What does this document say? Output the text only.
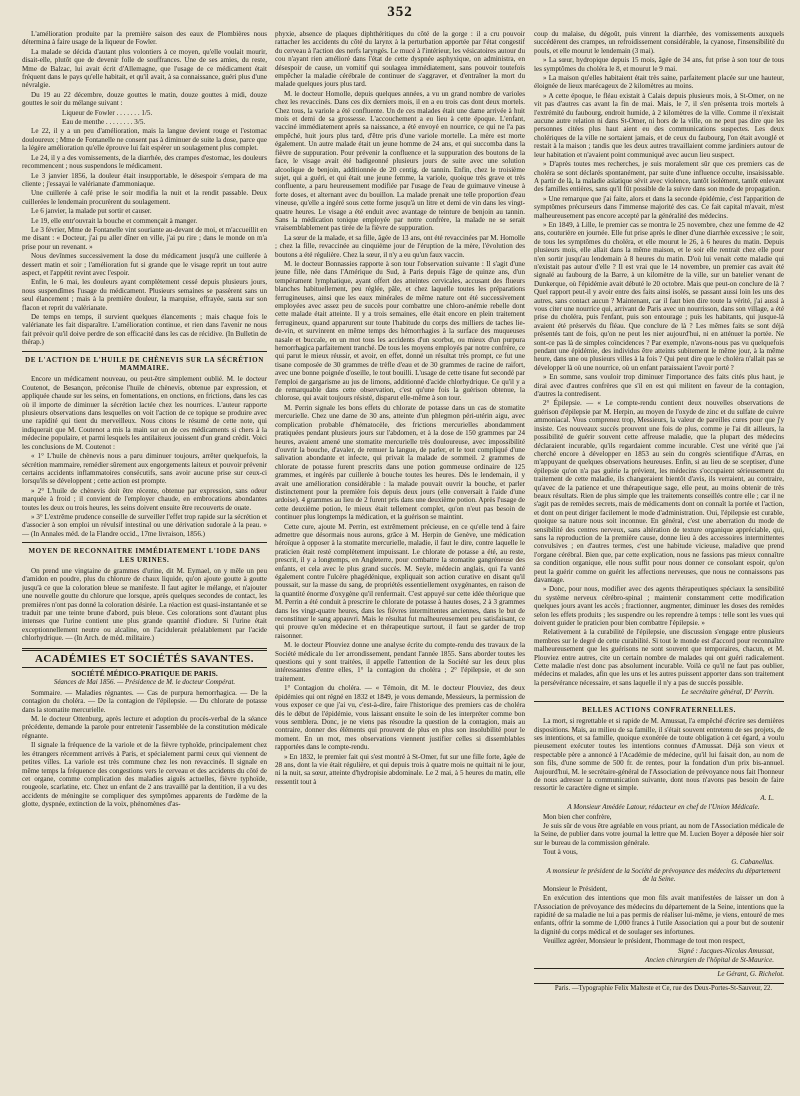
352

L'amélioration produite par la première saison des eaux de Plombières nous détermina à faire usage de la liqueur de Fowler.

La malade se décida d'autant plus volontiers à ce moyen, qu'elle voulait mourir, disait-elle, plutôt que de devenir folle de souffrances. Une de ses amies, du reste, Mme de Balzac, lui avait écrit d'Allemagne, que l'usage de ce médicament était fréquent dans le pays qu'elle habitait, et qu'il avait, à sa connaissance, guéri plus d'une névralgie.

Du 19 au 22 décembre, douze gouttes le matin, douze gouttes à midi, douze gouttes le soir du mélange suivant :

Liqueur de Fowler . . . . . . . 1/5.

Eau de menthe . . . . . . . . 3/5.

Le 22, il y a un peu d'amélioration, mais la langue devient rouge et l'estomac douloureux ; Mme de Fontanelle ne consent pas à diminuer de suite la dose, parce que la légère amélioration qu'elle éprouve lui fait espérer un soulagement plus complet.

Le 24, il y a des vomissements, de la diarrhée, des crampes d'estomac, les douleurs recommencent ; nous suspendons le médicament.

Le 3 janvier 1856, la douleur était insupportable, le désespoir s'empara de ma cliente ; j'essayai le valérianate d'ammoniaque.

Une cuillerée à café prise le soir modifia la nuit et la rendit passable. Deux cuillerées le lendemain procurèrent du soulagement.

Le 6 janvier, la malade put sortir et causer.

Le 19, elle entr'ouvrait la bouche et commençait à manger.

Le 3 février, Mme de Fontanelle vint souriante au-devant de moi, et m'accueillit en me disant : « Docteur, j'ai pu aller dîner en ville, j'ai pu rire ; dans le monde on m'a prise pour un revenant. »

Nous devînmes successivement la dose du médicament jusqu'à une cuillerée à dessert matin et soir ; l'amélioration fut si grande que le visage reprit un tout autre aspect, et l'appétit revint avec l'espoir.

Enfin, le 6 mai, les douleurs ayant complètement cessé depuis plusieurs jours, nous suspendîmes l'usage du médicament. Plusieurs semaines se passèrent sans un seul élancement ; mais à la première douleur, la marquise, effrayée, sauta sur son flacon et reprit du valérianate.

De temps en temps, il survient quelques élancements ; mais chaque fois le valérianate les fait disparaître. L'amélioration continue, et rien dans l'avenir ne nous fait prévoir qu'il doive perdre de son efficacité dans les cas de récidive. (In Bulletin de thérap.)

DE L'ACTION DE L'HUILE DE CHÈNEVIS SUR LA SÉCRÉTION MAMMAIRE.

Encore un médicament nouveau, ou peut-être simplement oublié. M. le docteur Coutenot, de Besançon, préconise l'huile de chènevis, obtenue par expression, et appliquée chaude sur les seins, en fomentations, en onctions, en frictions, dans les cas où il importe de diminuer la sécrétion lactée chez les nourrices. L'auteur rapporte plusieurs observations dans lesquelles on voit l'action de ce topique se produire avec une rapidité qui tient du merveilleux. Nous citons le résumé de cette note, qui indiquerait que M. Coutenot a mis la main sur un de ces médicaments si chers à la médecine populaire, et parmi lesquels les antilaiteux jouissent d'un grand crédit. Voici les conclusions de M. Coutenot :

« 1° L'huile de chènevis nous a paru diminuer toujours, arrêter quelquefois, la sécrétion mammaire, remédier sûrement aux engorgements laiteux et pouvoir prévenir certains accidents inflammatoires consécutifs, sans avoir aucune prise sur ceux-ci lorsqu'ils se développent ; cette action est prompte.

» 2° L'huile de chènevis doit être récente, obtenue par expression, sans odeur marquée à froid ; il convient de l'employer chaude, en embrocations abondantes toutes les deux ou trois heures, les seins doivent ensuite être recouverts de ouate.

» 3° L'extrême prudence conseille de surveiller l'effet trop rapide sur la sécrétion et d'associer à son emploi un révulsif intestinal ou une dérivation sudorale à la peau. » — (In Annales méd. de la Flandre occid., 17me livraison, 1856.)

MOYEN DE RECONNAITRE IMMÉDIATEMENT L'IODE DANS LES URINES.

On prend une vingtaine de grammes d'urine, dit M. Eymael, on y mêle un peu d'amidon en poudre, plus du chlorure de chaux liquide, qu'on ajoute goutte à goutte jusqu'à ce que la coloration bleue se manifeste. Il faut agiter le mélange, et n'ajouter une nouvelle goutte du chlorure que lorsque, après quelques secondes de contact, les premières n'ont pas donné la coloration désirée. La réaction est quasi-instantanée et se traduit par une teinte brune d'abord, puis bleue. Ces colorations sont d'autant plus intenses que l'urine contient une plus grande quantité d'iodure. Si l'urine était exceptionnellement neutre ou alcaline, on l'acidulerait préalablement par l'acide chlorhydrique. — (In Arch. de méd. militaire.)

ACADÉMIES ET SOCIÉTÉS SAVANTES.
SOCIÉTÉ MÉDICO-PRATIQUE DE PARIS.
Séances de Mai 1856. — Présidence de M. le docteur Compérat.

Sommaire. — Maladies régnantes. — Cas de purpura hemorrhagica. — De la contagion du choléra. — De la contagion de l'épilepsie. — Du chlorate de potasse dans la stomatite mercurielle.

M. le docteur Ottenburg, après lecture et adoption du procès-verbal de la séance précédente, demande la parole pour entretenir l'assemblée de la constitution médicale régnante.

Il signale la fréquence de la variole et de la fièvre typhoïde, principalement chez les étrangers récemment arrivés à Paris, et spécialement parmi ceux qui viennent de petites villes. La variole est très commune chez les non revaccinés. Il signale en même temps la fréquence des congestions vers le cerveau et des accidents du côté de cet organe, comme complication des maladies aiguës actuelles, fièvre typhoïde, rougeole, scarlatine, etc. Chez un enfant de 2 ans travaillé par la dentition, il a vu des accidents de méningite se compliquer des symptômes apparents de l'œdème de la glotte, dyspnée, extinction de la voix, phénomènes d'as-

phyxie, absence de plaques diphthéritiques du côté de la gorge : il a cru pouvoir rattacher les accidents du côté du larynx à la perturbation apportée par l'état congestif du cerveau à l'action des nerfs laryngés. Le mucé à l'intérieur, les vésicatoires autour du cou n'ayant rien amélioré dans l'état de cette dyspnée asphyxique, on administra, en désespoir de cause, un vomitif qui soulagea immédiatement, sans pouvoir toutefois empêcher la maladie cérébrale de continuer de s'aggraver, et d'entraîner la mort du malade quelques jours plus tard.

M. le docteur Homolle, depuis quelques années, a vu un grand nombre de varioles chez les revaccinés. Dans ces dix derniers mois, il en a eu trois cas dont deux mortels. Chez tous, la variole a été confluente. Un de ces malades était une dame arrivée à huit mois et demi de sa grossesse. L'accouchement a eu lieu à cette époque. L'enfant, vacciné immédiatement après sa naissance, a été envoyé en nourrice, ce qui ne l'a pas empêché, huit jours plus tard, d'être pris d'une variole mortelle. La mère est morte également. Un autre malade était un jeune homme de 24 ans, et qui succomba dans la fièvre de suppuration. Pour prévenir la confluence et la suppuration des boutons de la face, le visage avait été badigeonné plusieurs jours de suite avec une solution alcoolique de benjoin, additionnée de 20 centig. de tannin. Enfin, chez le troisième sujet, qui a guéri, et qui était une jeune femme, la variole, quoique très grave et très confluente, a paru heureusement modifiée par l'usage de l'eau de guimauve vineuse à forte doses, et alternant avec du bouillon. La malade prenait une telle proportion d'eau vineuse, qu'elle a ingéré sous cette forme jusqu'à un litre et demi de vin dans les vingt-quatre heures. Le visage a été enduit avec avantage de teinture de benjoin au tannin. Sans la médication tonique employée par notre confrère, la malade ne se serait vraisemblablement pas tirée de la fièvre de suppuration.

La sœur de la malade, et sa fille, âgée de 13 ans, ont été revaccinées par M. Homolle ; chez la fille, revaccinée au cinquième jour de l'éruption de la mère, l'évolution des boutons a été régulière. Chez la sœur, il n'y a eu qu'un faux vaccin.

M. le docteur Bonnassies rapporte à son tour l'observation suivante : Il s'agit d'une jeune fille, née dans l'Amérique du Sud, à Paris depuis l'âge de quinze ans, d'un tempérament lymphatique, ayant offert des atteintes cervicales, accusant des flueurs blanches habituellement, peu réglée, pâle, et chez laquelle toutes les préparations ferrugineuses, ainsi que les eaux minérales de même nature ont été successivement employées avec assez peu de succès pour combattre une chloro-anémie rebelle dont cette malade était atteinte. Il y a trois semaines, elle était encore en plein traitement ferrugineux, quand apparurent sur toute l'habitude du corps des milliers de taches lie-de-vin, et survinrent en même temps des hémorrhagies à la surface des muqueuses nasale et buccale, en un mot tous les accidents d'un scorbut, ou mieux d'un purpura hemorrhagica parfaitement tranché. De tous les moyens employés par notre confrère, ce qui parut le mieux réussir, et avoir, en effet, donné un résultat très prompt, ce fut une tisane composée de 30 grammes de trèfle d'eau et de 30 grammes de racine de raifort, avec une bonne poignée d'oseille, le tout bouilli. L'usage de cette tisane fut secondé par l'emploi de gargarisme au jus de limons, additionné d'acide chlorhydrique. Ce qu'il y a de remarquable dans cette observation, c'est qu'une fois la guérison obtenue, la chlorose, qui avait toujours résisté, disparut elle-même à son tour.

M. Perrin signale les bons effets du chlorate de potasse dans un cas de stomatite mercurielle. Chez une dame de 30 ans, atteinte d'un phlegmon péri-utérin aigu, avec complication probable d'hématocèle, des frictions mercurielles abondamment pratiquées pendant plusieurs jours sur l'abdomen, et à la dose de 150 grammes par 24 heures, avaient amené une stomatite mercurielle très douloureuse, avec impossibilité d'ouvrir la bouche, d'avaler, de remuer la langue, de parler, et le tout compliqué d'une salivation abondante et infecte, qui privait la malade de sommeil. 2 grammes de chlorate de potasse furent prescrits dans une potion gommeuse ordinaire de 125 grammes, et ingérés par cuillerée à bouche toutes les heures. Dès le lendemain, il y avait une amélioration considérable : la malade pouvait ouvrir la bouche, et parler distinctement pour la première fois depuis deux jours (elle conversait à l'aide d'une ardoise). 4 grammes au lieu de 2 furent pris dans une deuxième potion. Après l'usage de cette deuxième potion, le mieux était tellement complet, qu'on n'eut pas besoin de continuer plus longtemps la médication, et la guérison se maintint.

Cette cure, ajoute M. Perrin, est extrêmement précieuse, en ce qu'elle tend à faire admettre que désormais nous aurons, grâce à M. Herpin de Genève, une médication héroïque à opposer à la stomatite mercurielle, maladie, il faut le dire, contre laquelle le praticien était resté complètement impuissant. Le chlorate de potasse a été, au reste, prescrit, il y a longtemps, en Angleterre, pour combattre la stomatite gangréneuse des enfants, et cela avec le plus grand succès. M. Seyle, médecin anglais, qui l'a vanté également contre l'ulcère phagédénique, expliquait son action curative en disant qu'il poussait, sur la masse du sang, de propriétés essentiellement oxygénantes, en raison de la quantité énorme d'oxygène qu'il renfermait. C'est appuyé sur cette idée théorique que M. Perrin a été conduit à prescrire le chlorate de potasse à hautes doses, 2 à 3 grammes dans les vingt-quatre heures, dans les fièvres intermittentes anciennes, dans le but de reconstituer le sang appauvri. Mais le résultat fut malheureusement peu satisfaisant, ce qui prouve qu'en médecine et en thérapeutique surtout, il faut se garder de trop raisonner.

M. le docteur Plouviez donne une analyse écrite du compte-rendu des travaux de la Société médicale du 1er arrondissement, pendant l'année 1855. Sans aborder toutes les questions qui y sont traitées, il appelle l'attention de la Société sur les deux plus intéressantes d'entre elles, 1° la contagion du choléra ; 2° l'épilepsie, et de son traitement.

1° Contagion du choléra. — « Témoin, dit M. le docteur Plouviez, des deux épidémies qui ont régné en 1832 et 1849, je vous demande, Messieurs, la permission de vous exposer ce que j'ai vu, c'est-à-dire, faire l'historique des premiers cas de choléra dès le début de l'épidémie, vous laissant ensuite le soin de les interpréter comme bon vous semblera. Donc, je ne viens pas résoudre la question de la contagion, mais au contraire, donner des éléments qui prouvent de plus en plus son insolubilité pour le moment. En un mot, mes observations viennent justifier celles si dissemblables rapportées dans le compte-rendu.

» En 1832, le premier fait qui s'est montré à St-Omer, fut sur une fille forte, âgée de 28 ans, dont la vie était régulière, et qui depuis trois à quatre mois ne quittait ni le jour, ni la nuit, sa sœur, atteinte d'hydropisie abdominale. Le 2 mai, à 5 heures du matin, elle ressentit tout à

coup du malaise, du dégoût, puis vinrent la diarrhée, des vomissements auxquels succédèrent des crampes, un refroidissement considérable, la cyanose, l'insensibilité du pouls, et elle mourut le lendemain (3 mai).

» La sœur, hydropique depuis 15 mois, âgée de 34 ans, fut prise à son tour de tous les symptômes du choléra le 8, et mourut le 9 mai.

» La maison qu'elles habitaient était très saine, parfaitement placée sur une hauteur, éloignée de lieux marécageux de 2 kilomètres au moins.

» A cette époque, le fléau existait à Calais depuis plusieurs mois, à St-Omer, on ne vit pas d'autres cas avant la fin de mai. Mais, le 7, il s'en présenta trois mortels à l'extrémité du faubourg, endroit humide, à 2 kilomètres de la ville. Comme il n'existait aucune autre relation ni dans St-Omer, ni hors de la ville, on ne peut pas dire que les personnes citées plus haut aient eu des communications suspectes. Les deux cholériques de la ville ne sortaient jamais, et de ceux du faubourg, l'on était avouglé et restait à la maison ; tandis que les deux autres travaillaient comme jardiniers autour de leur habitation et n'avaient point communiqué avec aucun lieu suspect.

» D'après toutes mes recherches, je suis moralement sûr que ces premiers cas de choléra se sont déclarés spontanément, par suite d'une influence occulte, insaisissable. A partir de là, la maladie asiatique sévit avec violence, tantôt isolément, tantôt enlevant des familles entières, sans qu'il fût possible de la suivre dans son mode de propagation.

» Une remarque que j'ai faite, alors et dans la seconde épidémie, c'est l'apparition de symptômes précurseurs dans l'immense majorité des cas. Ce fait capital m'avait, m'est malheureusement pas encore accepté par la généralité des médecins.

» En 1849, à Lille, le premier cas se montra le 25 novembre, chez une femme de 42 ans, couturière en journée. Elle fut prise après le dîner d'une diarrhée excessive ; le soir, de tous les symptômes du choléra, et elle mourut le 26, à 6 heures du matin. Depuis plusieurs mois, elle allait dans la même maison, et le soir elle rentrait chez elle pour n'en sortir jusqu'au lendemain à 8 heures du matin. D'où lui venait cette maladie qui n'existait pas autour d'elle ? Il est vrai que le 14 novembre, un premier cas avait été signalé au faubourg de la Barre, à un kilomètre de la ville, sur un batelier venant de Dunkerque, où l'épidémie avait débuté le 20 octobre. Mais que peut-on conclure de là ? Quel rapport peut-il y avoir entre des faits ainsi isolés, se passant aussi loin les uns des autres, sans contact aucun ? Maintenant, car il faut bien dire toute la vérité, j'ai aussi à vous citer une nourrice qui, arrivant de Paris avec un nourrisson, dans son village, a été prise du choléra, puis l'enfant, puis son entourage ; puis les habitants, qui jusque-là avaient été préservés du fléau. Que conclure de là ? Les mêmes faits se sont déjà présentés tant de fois, qu'on ne peut les nier aujourd'hui, ni en atténuer la portée. Ne sont-ce pas là de simples coïncidences ? Par exemple, n'avons-nous pas vu quelquefois pendant une épidémie, des individus être atteints subitement le même jour, à la même heure, dans une ou plusieurs villes à la fois ? Qui peut dire que le choléra n'allait pas se développer là où une nourrice, où un enfant paraissaient l'avoir porté ?

» En somme, sans vouloir trop diminuer l'importance des faits cités plus haut, je dirai avec d'autres confrères que s'il en est qui militent en faveur de la contagion, d'autres la contredisent.

2° Épilepsie. — « Le compte-rendu contient deux nouvelles observations de guérison d'épilepsie par M. Herpin, au moyen de l'oxyde de zinc et du sulfate de cuivre ammoniacal. Vous comprenez trop, Messieurs, la valeur de pareilles cures pour que j'y insiste. Ces nouveaux succès prouvent une fois de plus, comme je l'ai dit ailleurs, la possibilité de guérir souvent cette affreuse maladie, que la plupart des médecins déclaraient incurable, qu'ils regardaient comme incurable. C'est une vérité que j'ai cherché encore à développer en 1853 au sein du congrès scientifique d'Arras, en m'appuyant de quelques observations heureuses. Enfin, si au lieu de se sceptiser, d'une épilepsie qu'on n'a pas guérie la prévient, les médecins s'occupaient sérieusement du traitement de cette maladie, ils changeraient bientôt d'avis, ils verraient, au contraire, qu'avec de la patience et une thérapeutique sage, elle peut, au moins obtenir de très beaux résultats. Rien de plus simple que les traitements conseillés contre elle ; car il ne s'agit pas de remèdes secrets, mais de médicaments dont on connaît la portée et l'action, et dont on peut diriger facilement le mode d'administration. Oui, l'épilepsie est curable, quoique sa nature nous soit inconnue. En général, c'est une aberration du mode de sensibilité des centres nerveux, sans altération de texture organique appréciable, qui, sans la reproduction de la première cause, donne lieu à des accessoires intermittentes convulsives ; en d'autres termes, c'est une habitude vicieuse, maladive que prend l'organe cérébral. Bien que, par cette explication, nous ne fassions pas mieux connaître sa condition organique, elle nous suffit pour nous donner ce consolant espoir, qu'on peut la guérir comme on guérit les affections nerveuses, que nous ne connaissons pas davantage.

» Donc, pour nous, modifier avec des agents thérapeutiques spéciaux la sensibilité du système nerveux cérébro-spinal ; maintenir constamment cette modification quelques jours avant les accès ; fractionner, augmenter, diminuer les doses des remèdes selon les effets produits ; les suspendre ou les reprendre à temps : telle sont les vues qui doivent guider le praticien pour bien combattre l'épilepsie. »

Relativement à la curabilité de l'épilepsie, une discussion s'engage entre plusieurs membres sur le degré de cette curabilité. Si tout le monde est d'accord pour reconnaître malheureusement que les guérisons ne sont souvent que temporaires, chacun, et M. Plouviez entre autres, cite un certain nombre de malades qui ont guéri radicalement. Cette maladie n'est donc pas absolument incurable. Voilà ce qu'il ne faut pas oublier, médecins et malades, afin que les uns et les autres puissent apporter dans son traitement la persévérance nécessaire, et sans laquelle il n'y a pas de succès possible.

Le secrétaire général, D' Perrin.

BELLES ACTIONS CONFRATERNELLES.

La mort, si regrettable et si rapide de M. Amussat, l'a empêché d'écrire ses dernières dispositions. Mais, au milieu de sa famille, il s'était souvent entretenu de ses projets, de ses intentions, et sa famille, quoique exonérée de toute obligation à cet égard, a voulu pieusement exécuter toutes les intentions connues d'Amussat. Déjà son vieux et respectable père a annoncé à l'Académie de médecine, qu'il lui faisait don, au nom de son fils, d'une somme de 500 fr. de rentes, pour la fondation d'un prix bis-annuel. Aujourd'hui, M. le secrétaire-général de l'Association de prévoyance nous fait l'honneur de nous adresser la communication suivante, dont nous n'avons pas besoin de faire ressortir le caractère digne et simple.

A. L.

A Monsieur Amédée Latour, rédacteur en chef de l'Union Médicale.

Mon bien cher confrère,

Je suis sûr de vous être agréable en vous priant, au nom de l'Association médicale de la Seine, de publier dans votre journal la lettre que M. Lucien Boyer a déposée hier soir sur le bureau de la commission générale.

Tout à vous,

G. Cabanellas.

A monsieur le président de la Société de prévoyance des médecins du département de la Seine.

Monsieur le Président,

En exécution des intentions que mon fils avait manifestées de laisser un don à l'Association de prévoyance des médecins du département de la Seine, intentions que la rapidité de sa maladie ne lui a pas permis de réaliser lui-même, je viens, entouré de mes enfants, offrir la somme de 1,000 francs à l'utile Association qui a pour but de soutenir la dignité du corps médical et de soulager ses infortunes.

Veuillez agréer, Monsieur le président, l'hommage de tout mon respect,

Signé : Jacques-Nicolas Amussat,

Ancien chirurgien de l'hôpital de St-Maurice.

Le Gérant, G. Richelot.

Paris. —Typographie Felix Malteste et Ce, rue des Deux-Portes-St-Sauveur, 22.
